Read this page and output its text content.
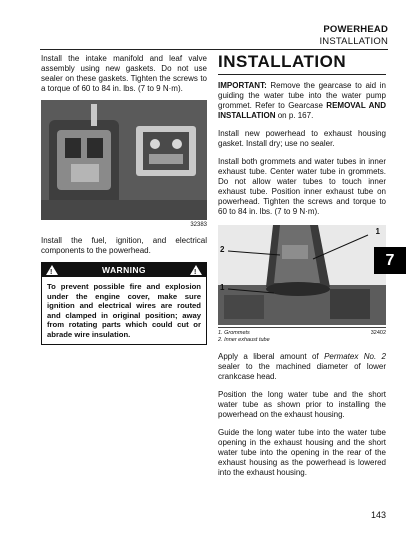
POWERHEAD
INSTALLATION

Install the intake manifold and leaf valve assembly using new gaskets. Do not use sealer on these gaskets. Tighten the screws to a torque of 60 to 84 in. lbs. (7 to 9 N·m).

32383

Install the fuel, ignition, and electrical components to the powerhead.

!	WARNING	!
To prevent possible fire and explosion under the engine cover, make sure ignition and electrical wires are routed and clamped in original position; away from rotating parts which could cut or abrade wire insulation.
INSTALLATION

IMPORTANT: Remove the gearcase to aid in guiding the water tube into the water pump grommet. Refer to Gearcase REMOVAL AND INSTALLATION on p. 167.

Install new powerhead to exhaust housing gasket. Install dry; use no sealer.

Install both grommets and water tubes in inner exhaust tube. Center water tube in grommets. Do not allow water tubes to touch inner exhaust tube. Position inner exhaust tube on powerhead. Tighten the screws and torque to 60 to 84 in. lbs. (7 to 9 N·m).

1
2
1
1. Grommets
2. Inner exhaust tube
32402

Apply a liberal amount of Permatex No. 2 sealer to the machined diameter of lower crankcase head.

Position the long water tube and the short water tube as shown prior to installing the powerhead on the exhaust housing.

Guide the long water tube into the water tube opening in the exhaust housing and the short water tube into the opening in the rear of the exhaust housing as the powerhead is lowered into the exhaust housing.

7
143
